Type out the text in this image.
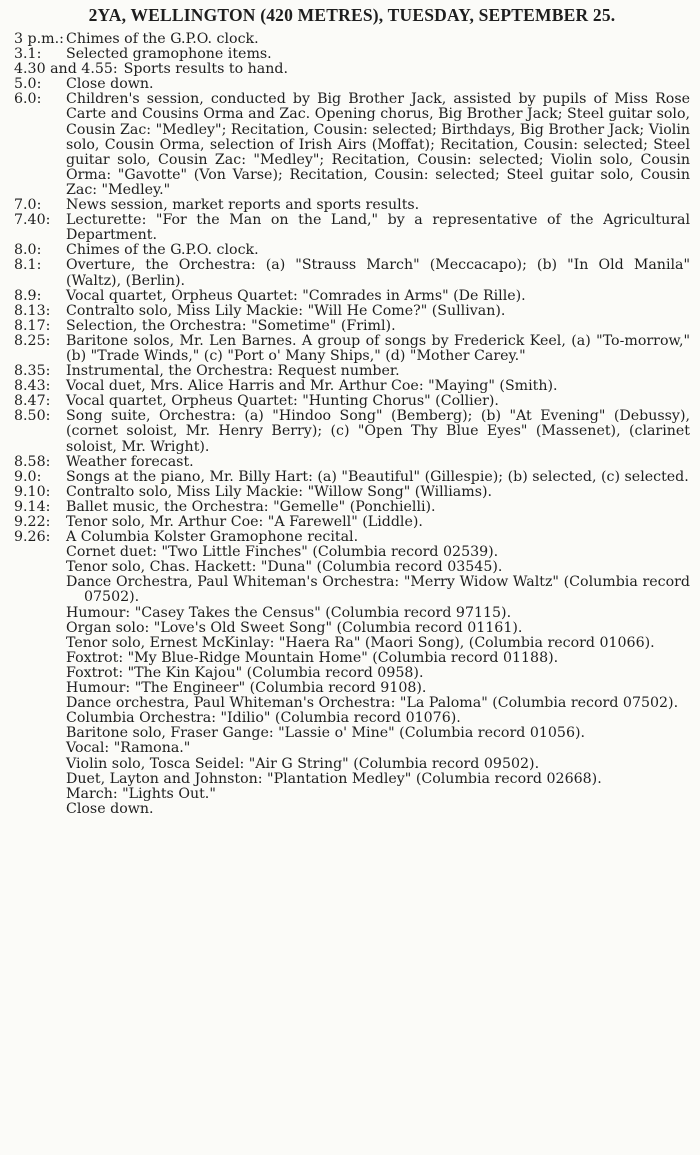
2YA, WELLINGTON (420 METRES), TUESDAY, SEPTEMBER 25.
3 p.m.: Chimes of the G.P.O. clock.
3.1:	Selected gramophone items.
4.30 and 4.55: Sports results to hand.
5.0:	Close down.
6.0:	Children's session, conducted by Big Brother Jack, assisted by pupils of Miss Rose Carte and Cousins Orma and Zac. Opening chorus, Big Brother Jack; Steel guitar solo, Cousin Zac: "Medley"; Recitation, Cousin: selected; Birthdays, Big Brother Jack; Violin solo, Cousin Orma, selection of Irish Airs (Moffat); Recitation, Cousin: selected; Steel guitar solo, Cousin Zac: "Medley"; Recitation, Cousin: selected; Violin solo, Cousin Orma: "Gavotte" (Von Varse); Recitation, Cousin: selected; Steel guitar solo, Cousin Zac: "Medley."
7.0:	News session, market reports and sports results.
7.40:	Lecturette: "For the Man on the Land," by a representative of the Agricultural Department.
8.0:	Chimes of the G.P.O. clock.
8.1:	Overture, the Orchestra: (a) "Strauss March" (Meccacapo); (b) "In Old Manila" (Waltz), (Berlin).
8.9:	Vocal quartet, Orpheus Quartet: "Comrades in Arms" (De Rille).
8.13:	Contralto solo, Miss Lily Mackie: "Will He Come?" (Sullivan).
8.17:	Selection, the Orchestra: "Sometime" (Friml).
8.25:	Baritone solos, Mr. Len Barnes. A group of songs by Frederick Keel, (a) "To-morrow," (b) "Trade Winds," (c) "Port o' Many Ships," (d) "Mother Carey."
8.35:	Instrumental, the Orchestra: Request number.
8.43:	Vocal duet, Mrs. Alice Harris and Mr. Arthur Coe: "Maying" (Smith).
8.47:	Vocal quartet, Orpheus Quartet: "Hunting Chorus" (Collier).
8.50:	Song suite, Orchestra: (a) "Hindoo Song" (Bemberg); (b) "At Evening" (Debussy), (cornet soloist, Mr. Henry Berry); (c) "Open Thy Blue Eyes" (Massenet), (clarinet soloist, Mr. Wright).
8.58:	Weather forecast.
9.0:	Songs at the piano, Mr. Billy Hart: (a) "Beautiful" (Gillespie); (b) selected, (c) selected.
9.10:	Contralto solo, Miss Lily Mackie: "Willow Song" (Williams).
9.14:	Ballet music, the Orchestra: "Gemelle" (Ponchielli).
9.22:	Tenor solo, Mr. Arthur Coe: "A Farewell" (Liddle).
9.26:	A Columbia Kolster Gramophone recital.
Cornet duet: "Two Little Finches" (Columbia record 02539).
Tenor solo, Chas. Hackett: "Duna" (Columbia record 03545).
Dance Orchestra, Paul Whiteman's Orchestra: "Merry Widow Waltz" (Columbia record 07502).
Humour: "Casey Takes the Census" (Columbia record 97115).
Organ solo: "Love's Old Sweet Song" (Columbia record 01161).
Tenor solo, Ernest McKinlay: "Haera Ra" (Maori Song), (Columbia record 01066).
Foxtrot: "My Blue-Ridge Mountain Home" (Columbia record 01188).
Foxtrot: "The Kin Kajou" (Columbia record 0958).
Humour: "The Engineer" (Columbia record 9108).
Dance orchestra, Paul Whiteman's Orchestra: "La Paloma" (Columbia record 07502).
Columbia Orchestra: "Idilio" (Columbia record 01076).
Baritone solo, Fraser Gange: "Lassie o' Mine" (Columbia record 01056).
Vocal: "Ramona."
Violin solo, Tosca Seidel: "Air G String" (Columbia record 09502).
Duet, Layton and Johnston: "Plantation Medley" (Columbia record 02668).
March: "Lights Out."
Close down.
